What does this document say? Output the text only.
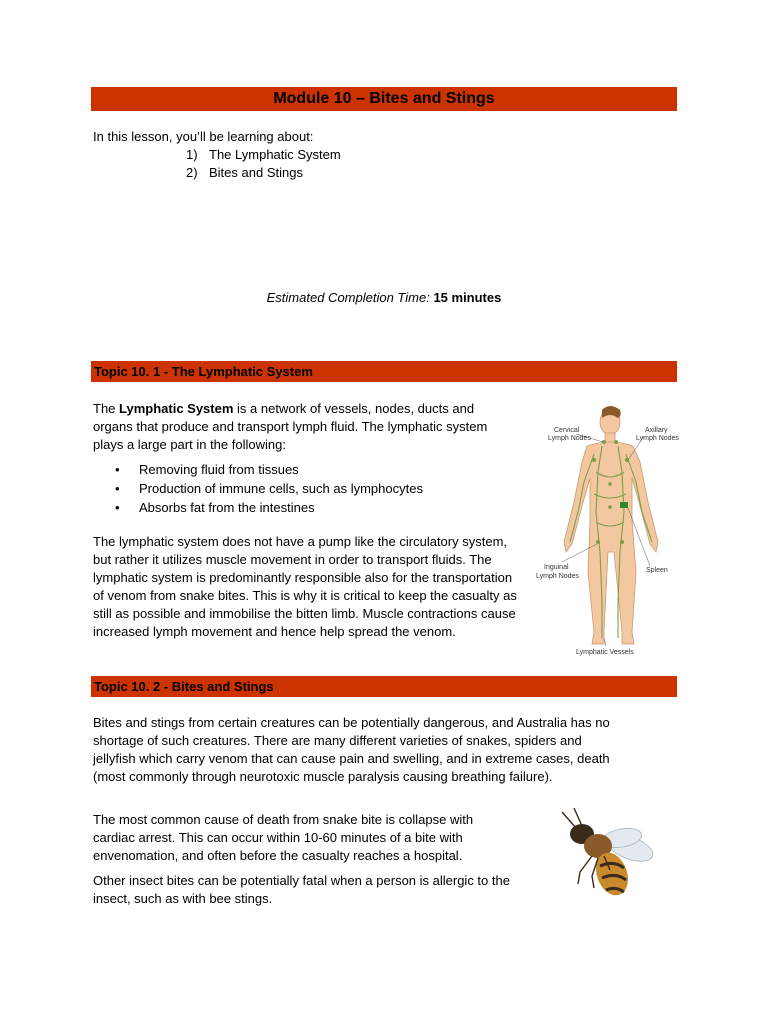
Module 10 – Bites and Stings

In this lesson, you’ll be learning about:

1) The Lymphatic System
2) Bites and Stings

Estimated Completion Time: 15 minutes

Topic 10. 1 - The Lymphatic System

The Lymphatic System is a network of vessels, nodes, ducts and organs that produce and transport lymph fluid. The lymphatic system plays a large part in the following:

• Removing fluid from tissues
• Production of immune cells, such as lymphocytes
• Absorbs fat from the intestines

The lymphatic system does not have a pump like the circulatory system, but rather it utilizes muscle movement in order to transport fluids. The lymphatic system is predominantly responsible also for the transportation of venom from snake bites. This is why it is critical to keep the casualty as still as possible and immobilise the bitten limb. Muscle contractions cause increased lymph movement and hence help spread the venom.

Cervical
Lymph Nodes
Axillary
Lymph Nodes
Inguinal
Lymph Nodes
Spleen
Lymphatic Vessels
Topic 10. 2 - Bites and Stings

Bites and stings from certain creatures can be potentially dangerous, and Australia has no shortage of such creatures. There are many different varieties of snakes, spiders and jellyfish which carry venom that can cause pain and swelling, and in extreme cases, death (most commonly through neurotoxic muscle paralysis causing breathing failure).

The most common cause of death from snake bite is collapse with cardiac arrest. This can occur within 10-60 minutes of a bite with envenomation, and often before the casualty reaches a hospital.

Other insect bites can be potentially fatal when a person is allergic to the insect, such as with bee stings.
